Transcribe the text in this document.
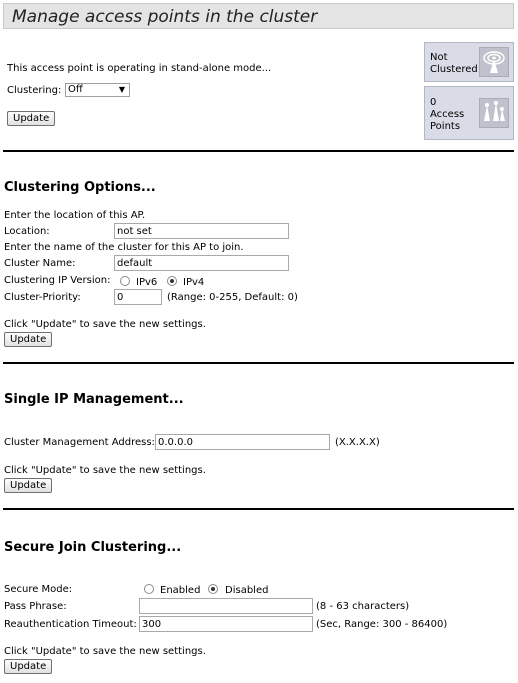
Manage access points in the cluster
This access point is operating in stand-alone mode...
Clustering: Off	▼
Update
Not
Clustered
0
Access
Points
Clustering Options...
Enter the location of this AP.
Location:
not set
Enter the name of the cluster for this AP to join.
Cluster Name:
default
Clustering IP Version:	IPv6	IPv4
Cluster-Priority:
0	(Range: 0-255, Default: 0)
Click "Update" to save the new settings.
Update
Single IP Management...
Cluster Management Address:
0.0.0.0	(X.X.X.X)
Click "Update" to save the new settings.
Update
Secure Join Clustering...
Secure Mode:	Enabled Disabled
Pass Phrase:	(8 - 63 characters)
Reauthentication Timeout:
300	(Sec, Range: 300 - 86400)
Click "Update" to save the new settings.
Update
